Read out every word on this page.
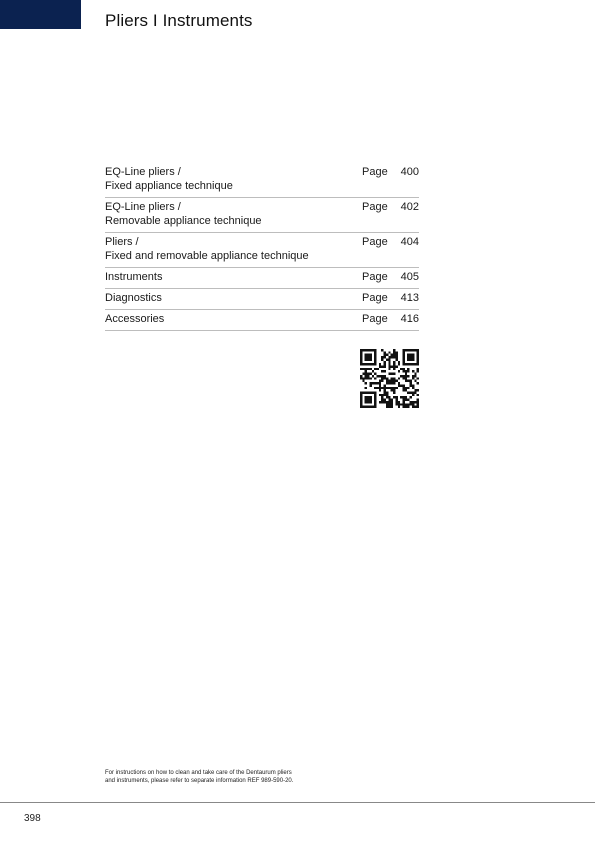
Pliers I Instruments
EQ-Line pliers /
Fixed appliance technique
Page 400
EQ-Line pliers /
Removable appliance technique
Page 402
Pliers /
Fixed and removable appliance technique
Page 404
Instruments	Page 405
Diagnostics	Page 413
Accessories	Page 416
For instructions on how to clean and take care of the Dentaurum pliers
and instruments, please refer to separate information REF 989-590-20.
398
